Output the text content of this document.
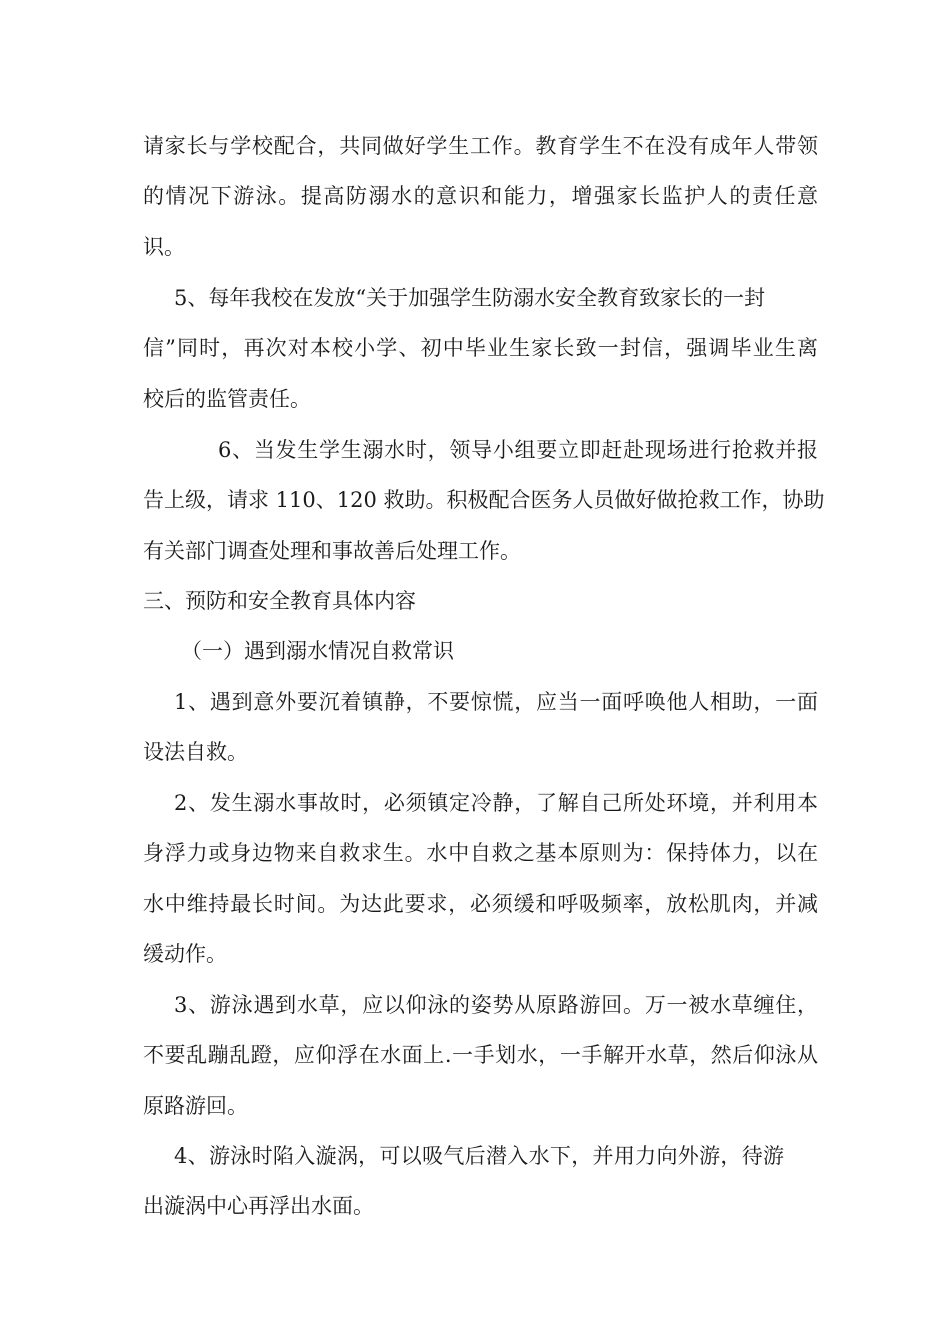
请家长与学校配合，共同做好学生工作。教育学生不在没有成年人带领
的情况下游泳。提高防溺水的意识和能力，增强家长监护人的责任意
识。
5、每年我校在发放“关于加强学生防溺水安全教育致家长的一封
信”同时，再次对本校小学、初中毕业生家长致一封信，强调毕业生离
校后的监管责任。
6、当发生学生溺水时，领导小组要立即赶赴现场进行抢救并报
告上级，请求 110、120 救助。积极配合医务人员做好做抢救工作，协助
有关部门调查处理和事故善后处理工作。
三、预防和安全教育具体内容
（一）遇到溺水情况自救常识
1、遇到意外要沉着镇静，不要惊慌，应当一面呼唤他人相助，一面
设法自救。
2、发生溺水事故时，必须镇定冷静，了解自己所处环境，并利用本
身浮力或身边物来自救求生。水中自救之基本原则为：保持体力，以在
水中维持最长时间。为达此要求，必须缓和呼吸频率，放松肌肉，并减
缓动作。
3、游泳遇到水草，应以仰泳的姿势从原路游回。万一被水草缠住，
不要乱蹦乱蹬，应仰浮在水面上.一手划水，一手解开水草，然后仰泳从
原路游回。
4、游泳时陷入漩涡，可以吸气后潜入水下，并用力向外游，待游
出漩涡中心再浮出水面。
